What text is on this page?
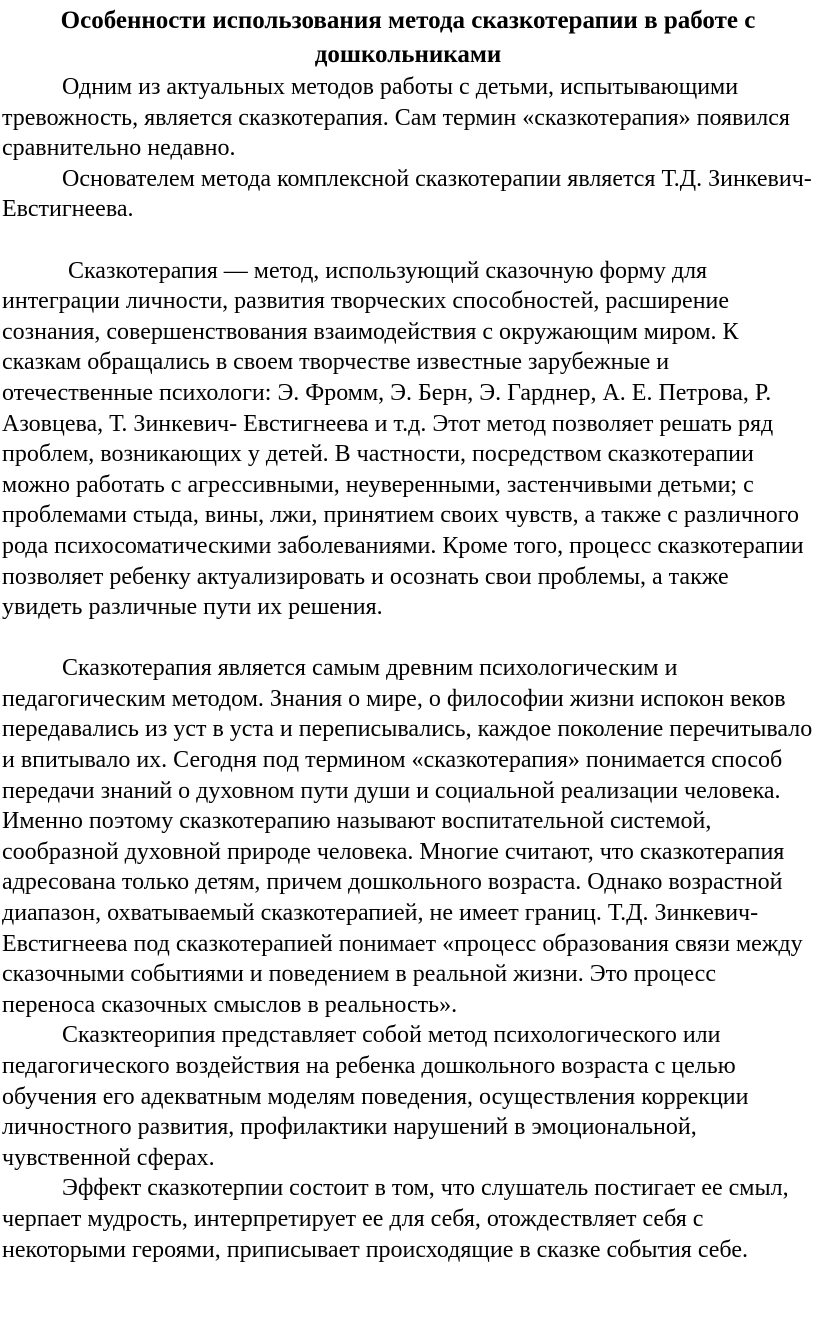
Особенности использования метода сказкотерапии в работе с дошкольниками

Одним из актуальных методов работы с детьми, испытывающими тревожность, является сказкотерапия. Сам термин «сказкотерапия» появился сравнительно недавно.

Основателем метода комплексной сказкотерапии является Т.Д. Зинкевич- Евстигнеева.

Сказкотерапия — метод, использующий сказочную форму для интеграции личности, развития творческих способностей, расширение сознания, совершенствования взаимодействия с окружающим миром. К сказкам обращались в своем творчестве известные зарубежные и отечественные психологи: Э. Фромм, Э. Берн, Э. Гарднер, А. Е. Петрова, Р. Азовцева, Т. Зинкевич- Евстигнеева и т.д. Этот метод позволяет решать ряд проблем, возникающих у детей. В частности, посредством сказкотерапии можно работать с агрессивными, неуверенными, застенчивыми детьми; с проблемами стыда, вины, лжи, принятием своих чувств, а также с различного рода психосоматическими заболеваниями. Кроме того, процесс сказкотерапии позволяет ребенку актуализировать и осознать свои проблемы, а также увидеть различные пути их решения.

Сказкотерапия является самым древним психологическим и педагогическим методом. Знания о мире, о философии жизни испокон веков передавались из уст в уста и переписывались, каждое поколение перечитывало и впитывало их. Сегодня под термином «сказкотерапия» понимается способ передачи знаний о духовном пути души и социальной реализации человека. Именно поэтому сказкотерапию называют воспитательной системой, сообразной духовной природе человека. Многие считают, что сказкотерапия адресована только детям, причем дошкольного возраста. Однако возрастной диапазон, охватываемый сказкотерапией, не имеет границ. Т.Д. Зинкевич- Евстигнеева под сказкотерапией понимает «процесс образования связи между сказочными событиями и поведением в реальной жизни. Это процесс переноса сказочных смыслов в реальность».

Сказктеорипия представляет собой метод психологического или педагогического воздействия на ребенка дошкольного возраста с целью обучения его адекватным моделям поведения, осуществления коррекции личностного развития, профилактики нарушений в эмоциональной, чувственной сферах.

Эффект сказкотерпии состоит в том, что слушатель постигает ее смыл, черпает мудрость, интерпретирует ее для себя, отождествляет себя с некоторыми героями, приписывает происходящие в сказке события себе.
